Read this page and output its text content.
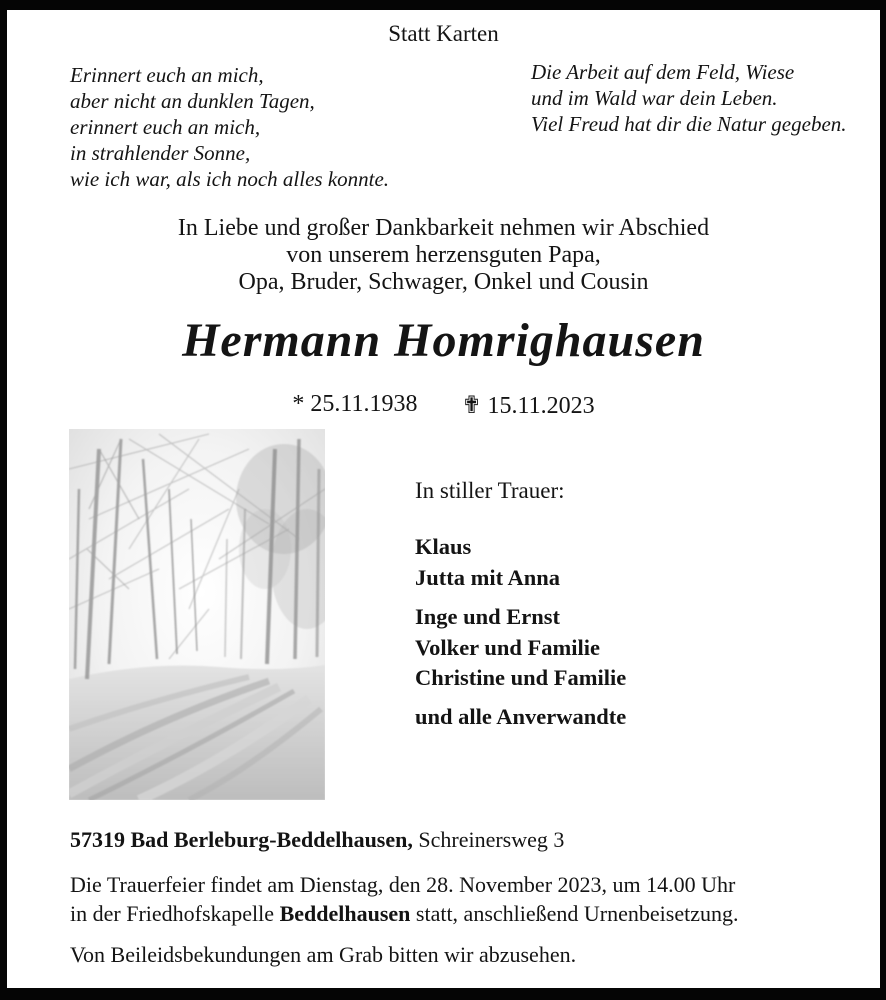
Statt Karten
Erinnert euch an mich,
aber nicht an dunklen Tagen,
erinnert euch an mich,
in strahlender Sonne,
wie ich war, als ich noch alles konnte.
Die Arbeit auf dem Feld, Wiese
und im Wald war dein Leben.
Viel Freud hat dir die Natur gegeben.
In Liebe und großer Dankbarkeit nehmen wir Abschied
von unserem herzensguten Papa,
Opa, Bruder, Schwager, Onkel und Cousin
Hermann Homrighausen
* 25.11.1938 ✟ 15.11.2023
In stiller Trauer:
Klaus
Jutta mit Anna
Inge und Ernst
Volker und Familie
Christine und Familie
und alle Anverwandte
57319 Bad Berleburg-Beddelhausen, Schreinersweg 3
Die Trauerfeier findet am Dienstag, den 28. November 2023, um 14.00 Uhr
in der Friedhofskapelle Beddelhausen statt, anschließend Urnenbeisetzung.
Von Beileidsbekundungen am Grab bitten wir abzusehen.
